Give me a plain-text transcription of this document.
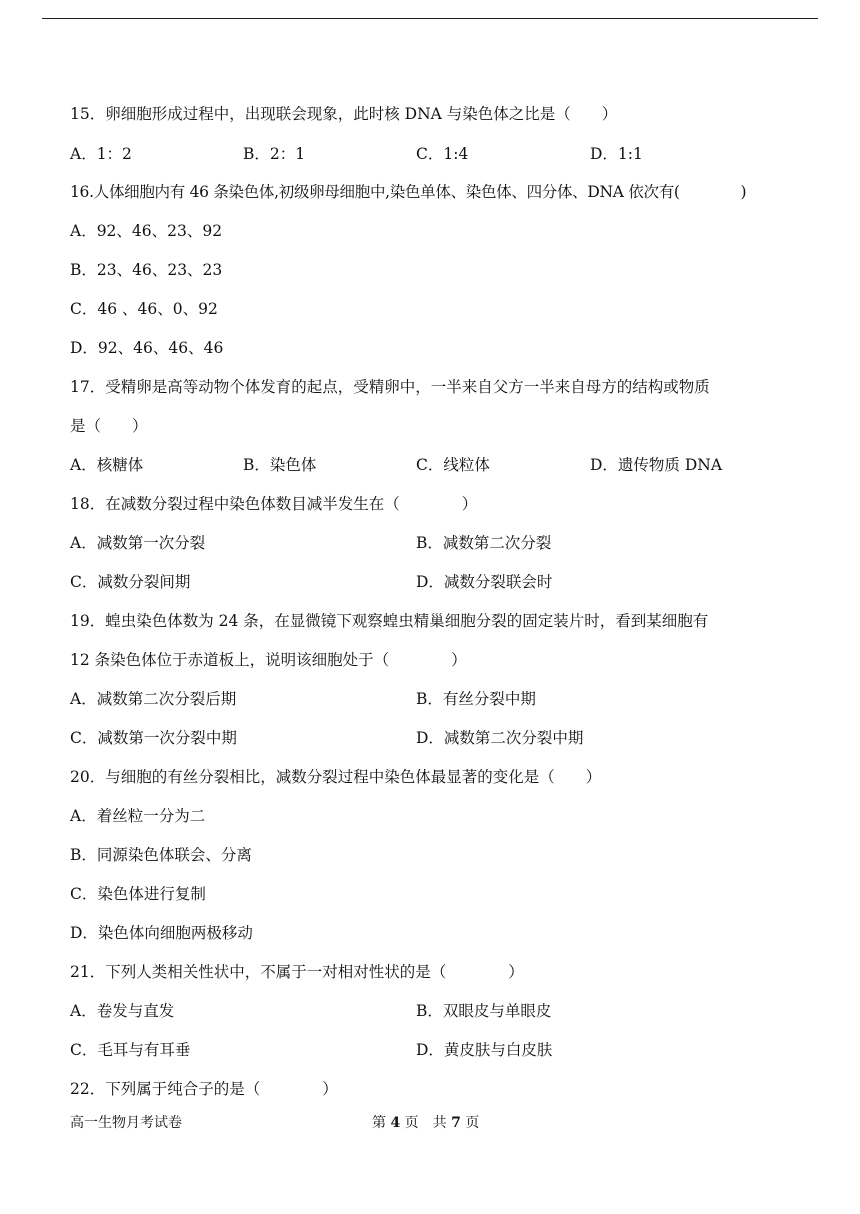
15．卵细胞形成过程中，出现联会现象，此时核 DNA 与染色体之比是（　　）
A．1：2	B．2：1	C．1:4	D．1:1
16.人体细胞内有 46 条染色体,初级卵母细胞中,染色单体、染色体、四分体、DNA 依次有(　　　　)
A．92、46、23、92
B．23、46、23、23
C．46 、46、0、92
D．92、46、46、46
17．受精卵是高等动物个体发育的起点，受精卵中，一半来自父方一半来自母方的结构或物质
是（　　）
A．核糖体	B．染色体	C．线粒体	D．遗传物质 DNA
18．在减数分裂过程中染色体数目减半发生在（　　　　）
A．减数第一次分裂	B．减数第二次分裂
C．减数分裂间期	D．减数分裂联会时
19．蝗虫染色体数为 24 条，在显微镜下观察蝗虫精巢细胞分裂的固定装片时，看到某细胞有
12 条染色体位于赤道板上，说明该细胞处于（　　　　）
A．减数第二次分裂后期	B．有丝分裂中期
C．减数第一次分裂中期	D．减数第二次分裂中期
20．与细胞的有丝分裂相比，减数分裂过程中染色体最显著的变化是（　　）
A．着丝粒一分为二
B．同源染色体联会、分离
C．染色体进行复制
D．染色体向细胞两极移动
21．下列人类相关性状中，不属于一对相对性状的是（　　　　）
A．卷发与直发	B．双眼皮与单眼皮
C．毛耳与有耳垂	D．黄皮肤与白皮肤
22．下列属于纯合子的是（　　　　）
高一生物月考试卷	第 4 页　共 7 页
